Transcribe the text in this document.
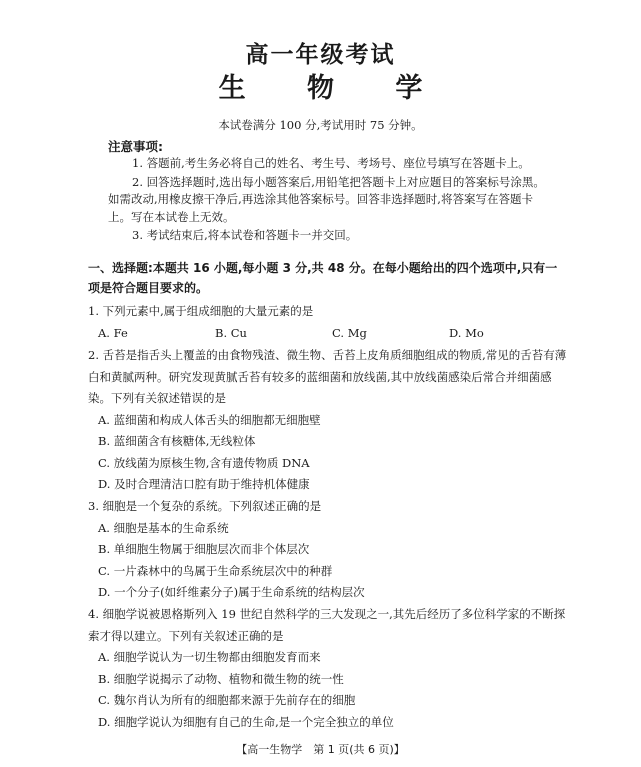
高一年级考试
生 物 学
本试卷满分 100 分,考试用时 75 分钟。
注意事项:

1. 答题前,考生务必将自己的姓名、考生号、考场号、座位号填写在答题卡上。

2. 回答选择题时,选出每小题答案后,用铅笔把答题卡上对应题目的答案标号涂黑。如需改动,用橡皮擦干净后,再选涂其他答案标号。回答非选择题时,将答案写在答题卡上。写在本试卷上无效。

3. 考试结束后,将本试卷和答题卡一并交回。

一、选择题:本题共 16 小题,每小题 3 分,共 48 分。在每小题给出的四个选项中,只有一项是符合题目要求的。

1. 下列元素中,属于组成细胞的大量元素的是

A. Fe	B. Cu	C. Mg	D. Mo

2. 舌苔是指舌头上覆盖的由食物残渣、微生物、舌苔上皮角质细胞组成的物质,常见的舌苔有薄白和黄腻两种。研究发现黄腻舌苔有较多的蓝细菌和放线菌,其中放线菌感染后常合并细菌感染。下列有关叙述错误的是

A. 蓝细菌和构成人体舌头的细胞都无细胞壁

B. 蓝细菌含有核糖体,无线粒体

C. 放线菌为原核生物,含有遗传物质 DNA

D. 及时合理清洁口腔有助于维持机体健康

3. 细胞是一个复杂的系统。下列叙述正确的是

A. 细胞是基本的生命系统

B. 单细胞生物属于细胞层次而非个体层次

C. 一片森林中的鸟属于生命系统层次中的种群

D. 一个分子(如纤维素分子)属于生命系统的结构层次

4. 细胞学说被恩格斯列入 19 世纪自然科学的三大发现之一,其先后经历了多位科学家的不断探索才得以建立。下列有关叙述正确的是

A. 细胞学说认为一切生物都由细胞发育而来

B. 细胞学说揭示了动物、植物和微生物的统一性

C. 魏尔肖认为所有的细胞都来源于先前存在的细胞

D. 细胞学说认为细胞有自己的生命,是一个完全独立的单位

【高一生物学　第 1 页(共 6 页)】
